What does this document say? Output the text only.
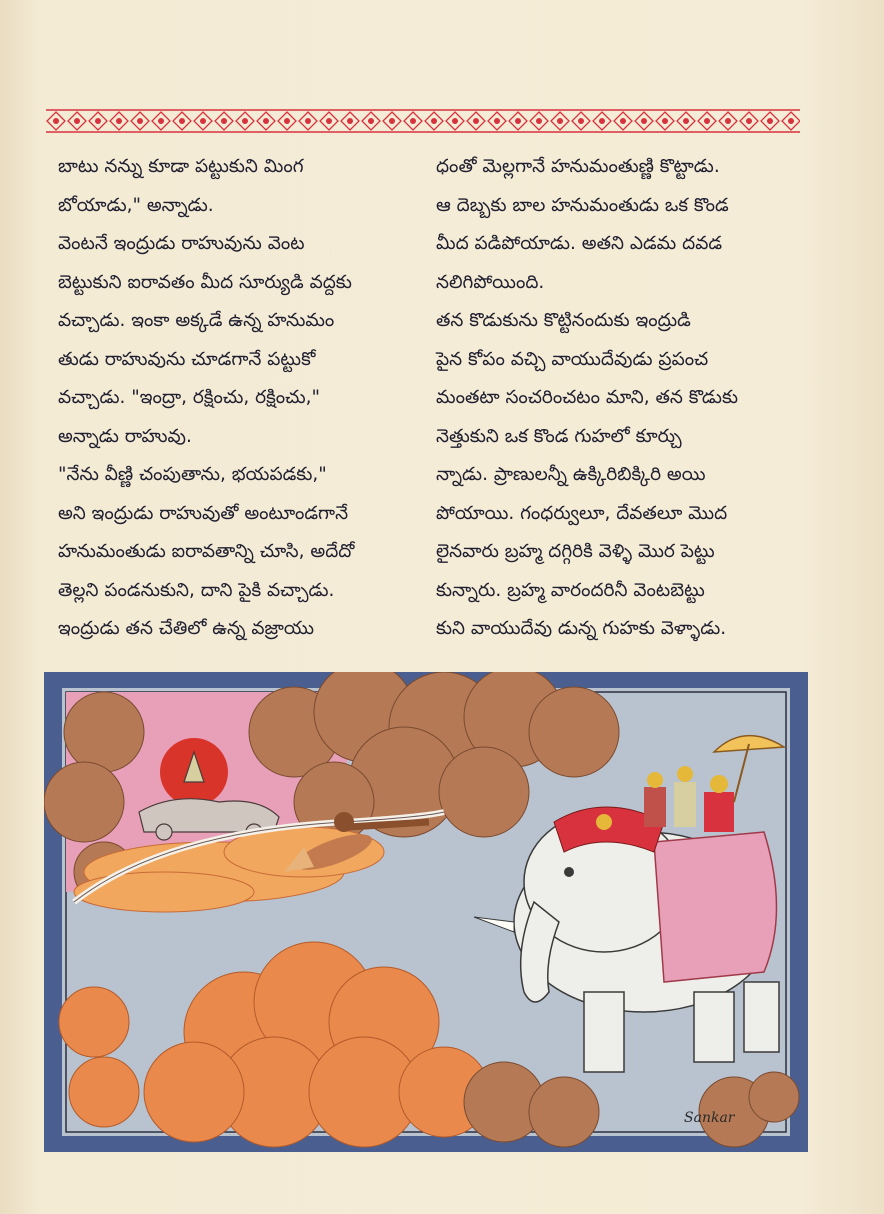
బాటు నన్ను కూడా పట్టుకుని మింగ
బోయాడు," అన్నాడు.
వెంటనే ఇంద్రుడు రాహువును వెంట
బెట్టుకుని ఐరావతం మీద సూర్యుడి వద్దకు
వచ్చాడు. ఇంకా అక్కడే ఉన్న హనుమం
తుడు రాహువును చూడగానే పట్టుకో
వచ్చాడు. "ఇంద్రా, రక్షించు, రక్షించు,"
అన్నాడు రాహువు.
"నేను వీణ్ణి చంపుతాను, భయపడకు,"
అని ఇంద్రుడు రాహువుతో అంటూండగానే
హనుమంతుడు ఐరావతాన్ని చూసి, అదేదో
తెల్లని పండనుకుని, దాని పైకి వచ్చాడు.
ఇంద్రుడు తన చేతిలో ఉన్న వజ్రాయు
ధంతో మెల్లగానే హనుమంతుణ్ణి కొట్టాడు.
ఆ దెబ్బకు బాల హనుమంతుడు ఒక కొండ
మీద పడిపోయాడు. అతని ఎడమ దవడ
నలిగిపోయింది.
తన కొడుకును కొట్టినందుకు ఇంద్రుడి
పైన కోపం వచ్చి వాయుదేవుడు ప్రపంచ
మంతటా సంచరించటం మాని, తన కొడుకు
నెత్తుకుని ఒక కొండ గుహలో కూర్చు
న్నాడు. ప్రాణులన్నీ ఉక్కిరిబిక్కిరి అయి
పోయాయి. గంధర్వులూ, దేవతలూ మొద
లైనవారు బ్రహ్మ దగ్గిరికి వెళ్ళి మొర పెట్టు
కున్నారు. బ్రహ్మ వారందరినీ వెంటబెట్టు
కుని వాయుదేవు డున్న గుహకు వెళ్ళాడు.
Sankar
